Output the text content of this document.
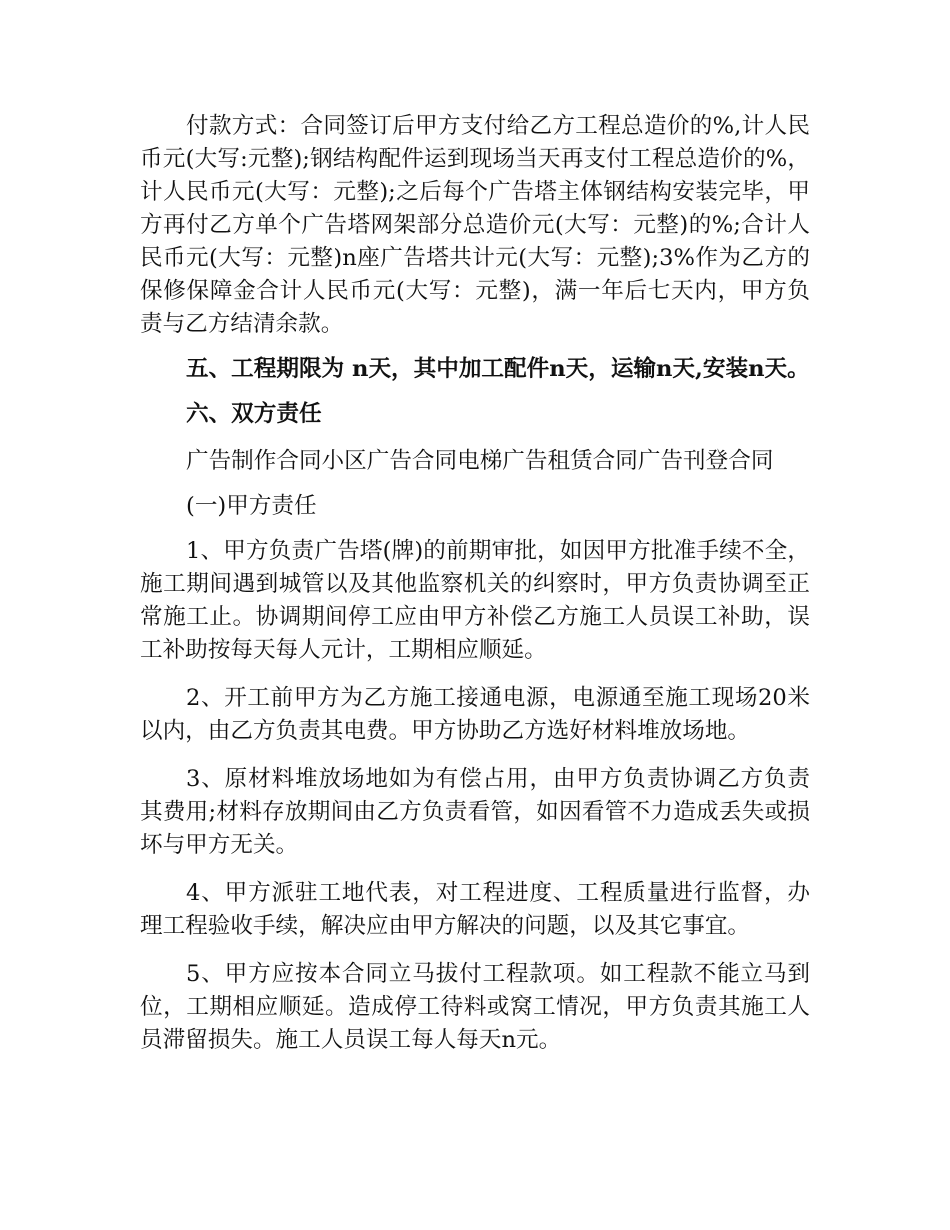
付款方式：合同签订后甲方支付给乙方工程总造价的%,计人民币元(大写:元整);钢结构配件运到现场当天再支付工程总造价的%，计人民币元(大写：元整);之后每个广告塔主体钢结构安装完毕，甲方再付乙方单个广告塔网架部分总造价元(大写：元整)的%;合计人民币元(大写：元整)n座广告塔共计元(大写：元整);3%作为乙方的保修保障金合计人民币元(大写：元整)，满一年后七天内，甲方负责与乙方结清余款。

五、工程期限为 n天，其中加工配件n天，运输n天,安装n天。

六、双方责任

广告制作合同小区广告合同电梯广告租赁合同广告刊登合同

(一)甲方责任

1、甲方负责广告塔(牌)的前期审批，如因甲方批准手续不全，施工期间遇到城管以及其他监察机关的纠察时，甲方负责协调至正常施工止。协调期间停工应由甲方补偿乙方施工人员误工补助，误工补助按每天每人元计，工期相应顺延。

2、开工前甲方为乙方施工接通电源，电源通至施工现场20米以内，由乙方负责其电费。甲方协助乙方选好材料堆放场地。

3、原材料堆放场地如为有偿占用，由甲方负责协调乙方负责其费用;材料存放期间由乙方负责看管，如因看管不力造成丢失或损坏与甲方无关。

4、甲方派驻工地代表，对工程进度、工程质量进行监督，办理工程验收手续，解决应由甲方解决的问题，以及其它事宜。

5、甲方应按本合同立马拔付工程款项。如工程款不能立马到位，工期相应顺延。造成停工待料或窝工情况，甲方负责其施工人员滞留损失。施工人员误工每人每天n元。
